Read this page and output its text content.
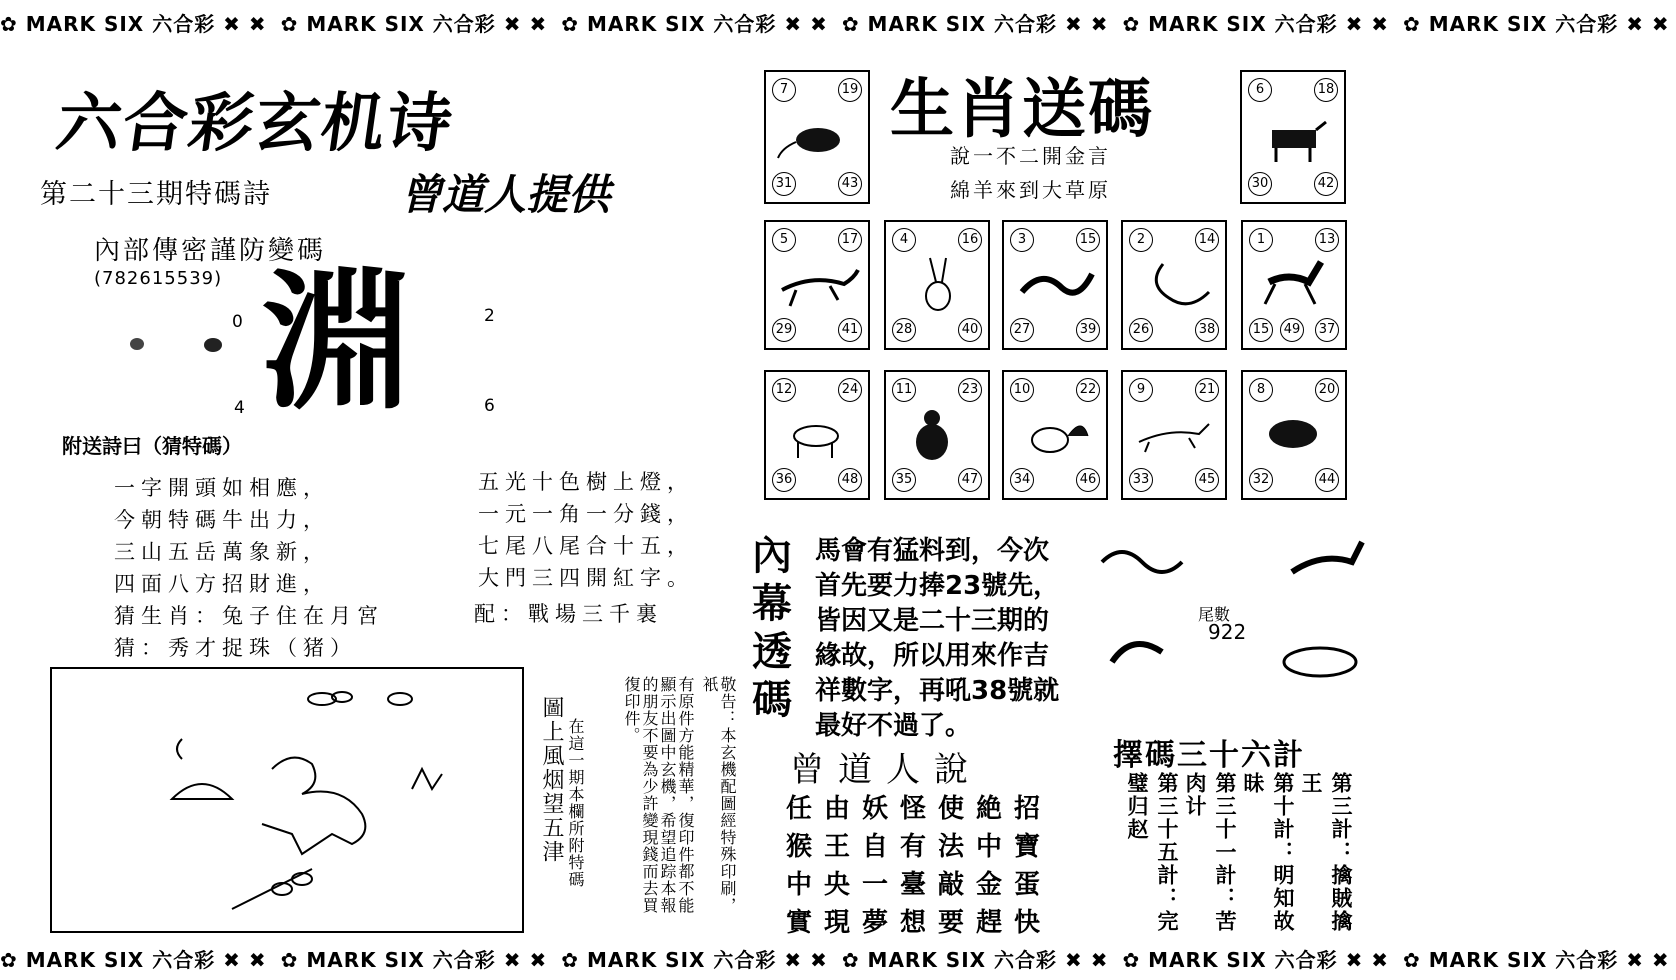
✿ MARK SIX 六合彩 ✖ ✖ ✿ MARK SIX 六合彩 ✖ ✖ ✿ MARK SIX 六合彩 ✖ ✖ ✿ MARK SIX 六合彩 ✖ ✖ ✿ MARK SIX 六合彩 ✖ ✖ ✿ MARK SIX 六合彩 ✖ ✖
✿ MARK SIX 六合彩 ✖ ✖ ✿ MARK SIX 六合彩 ✖ ✖ ✿ MARK SIX 六合彩 ✖ ✖ ✿ MARK SIX 六合彩 ✖ ✖ ✿ MARK SIX 六合彩 ✖ ✖ ✿ MARK SIX 六合彩 ✖ ✖
六合彩玄机诗
第二十三期特碼詩	曾道人提供
內部傳密謹防變碼
(782615539) 淵
0	2
4	6
附送詩曰（猜特碼）
一字開頭如相應，
今朝特碼牛出力，
三山五岳萬象新，
四面八方招財進，
猜生肖：兔子住在月宮
猜：秀才捉珠（猪）
五光十色樹上燈，
一元一角一分錢，
七尾八尾合十五，
大門三四開紅字。
配：戰場三千裏
圖上風烟望五津 在這一期本欄所附特碼	有原件方能精華，復印件都不能顯示出圖中玄機，希望追踪本報的朋友不要為少許變現錢而去買復印件。	敬告：本玄機配圖經特殊印刷，衹
生肖送碼
說一不二開金言
綿羊來到大草原
7	19
31	43
6	18
30	42
5	17
29	41
4	16
28	40
3	15
27	39
2	14
26	38
1	13
15 49 37
12	24
36	48
11	23
35	47
10	22
34	46
9	21
33	45
8	20
32	44
內
幕
透
碼
馬會有猛料到，今次
首先要力捧23號先，
皆因又是二十三期的
緣故，所以用來作吉
祥數字，再吼38號就
最好不過了。
尾數
922
曾道人說
任由妖怪使絶招
猴王自有法中寶
中央一臺敲金蛋
實現夢想要趕快
擇碼三十六計
第三計：擒賊擒王
第十計：明知故昧
第三十一計：苦肉计
第三十五計：完璧归赵
